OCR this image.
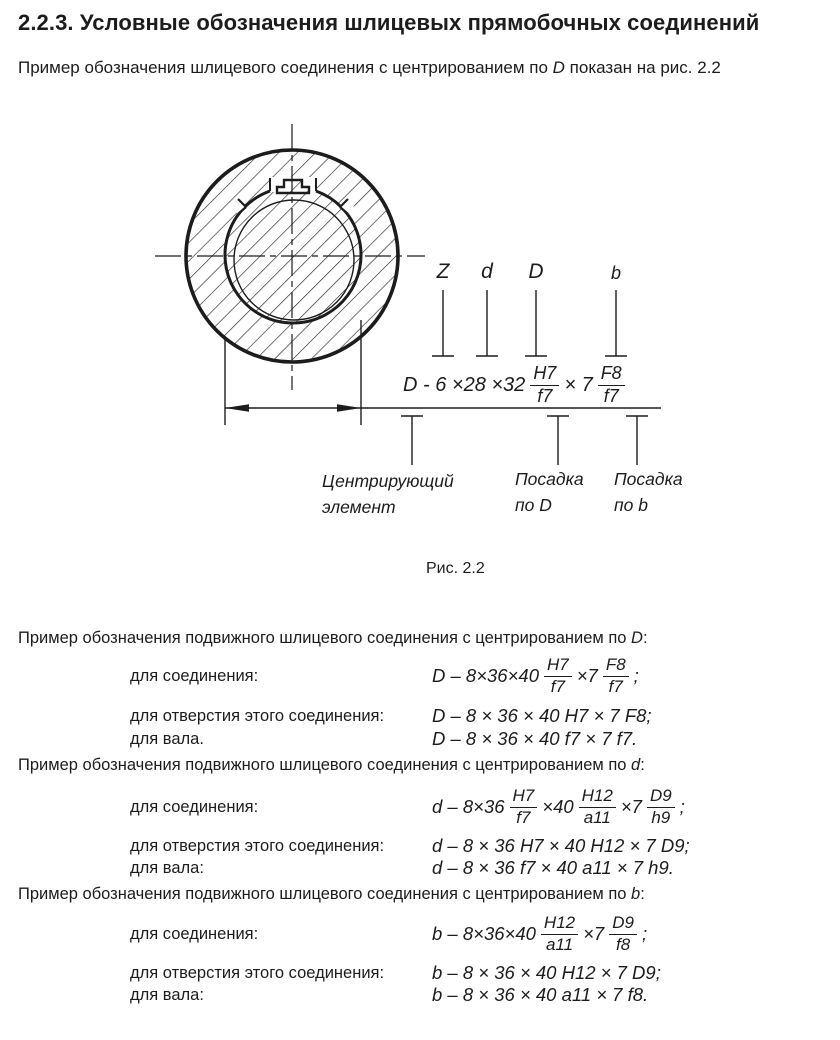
2.2.3. Условные обозначения шлицевых прямобочных соединений

Пример обозначения шлицевого соединения с центрированием по D показан на рис. 2.2

Z	d	D	b
$D - 6 \times 28 \times 32 \frac{H7}{f7} \times 7 \frac{F8}{f7}$
Центрирующий
элемент
Посадка
по D
Посадка
по b
Рис. 2.2

Пример обозначения подвижного шлицевого соединения с центрированием по D:

для соединения:	$D - 8\times 36\times 40 \frac{H7}{f7} \times 7 \frac{F8}{f7}$ ;
для отверстия этого соединения:	D – 8 × 36 × 40 H7 × 7 F8;
для вала.	D – 8 × 36 × 40 f7 × 7 f7.

Пример обозначения подвижного шлицевого соединения с центрированием по d:

для соединения:	$d - 8\times 36 \frac{H7}{f7} \times 40 \frac{H12}{a11} \times 7 \frac{D9}{h9}$ ;
для отверстия этого соединения:	d – 8 × 36 H7 × 40 H12 × 7 D9;
для вала:	d – 8 × 36 f7 × 40 a11 × 7 h9.

Пример обозначения подвижного шлицевого соединения с центрированием по b:

для соединения:	$b - 8\times 36\times 40 \frac{H12}{a11} \times 7 \frac{D9}{f8}$ ;
для отверстия этого соединения:	b – 8 × 36 × 40 H12 × 7 D9;
для вала:	b – 8 × 36 × 40 a11 × 7 f8.
